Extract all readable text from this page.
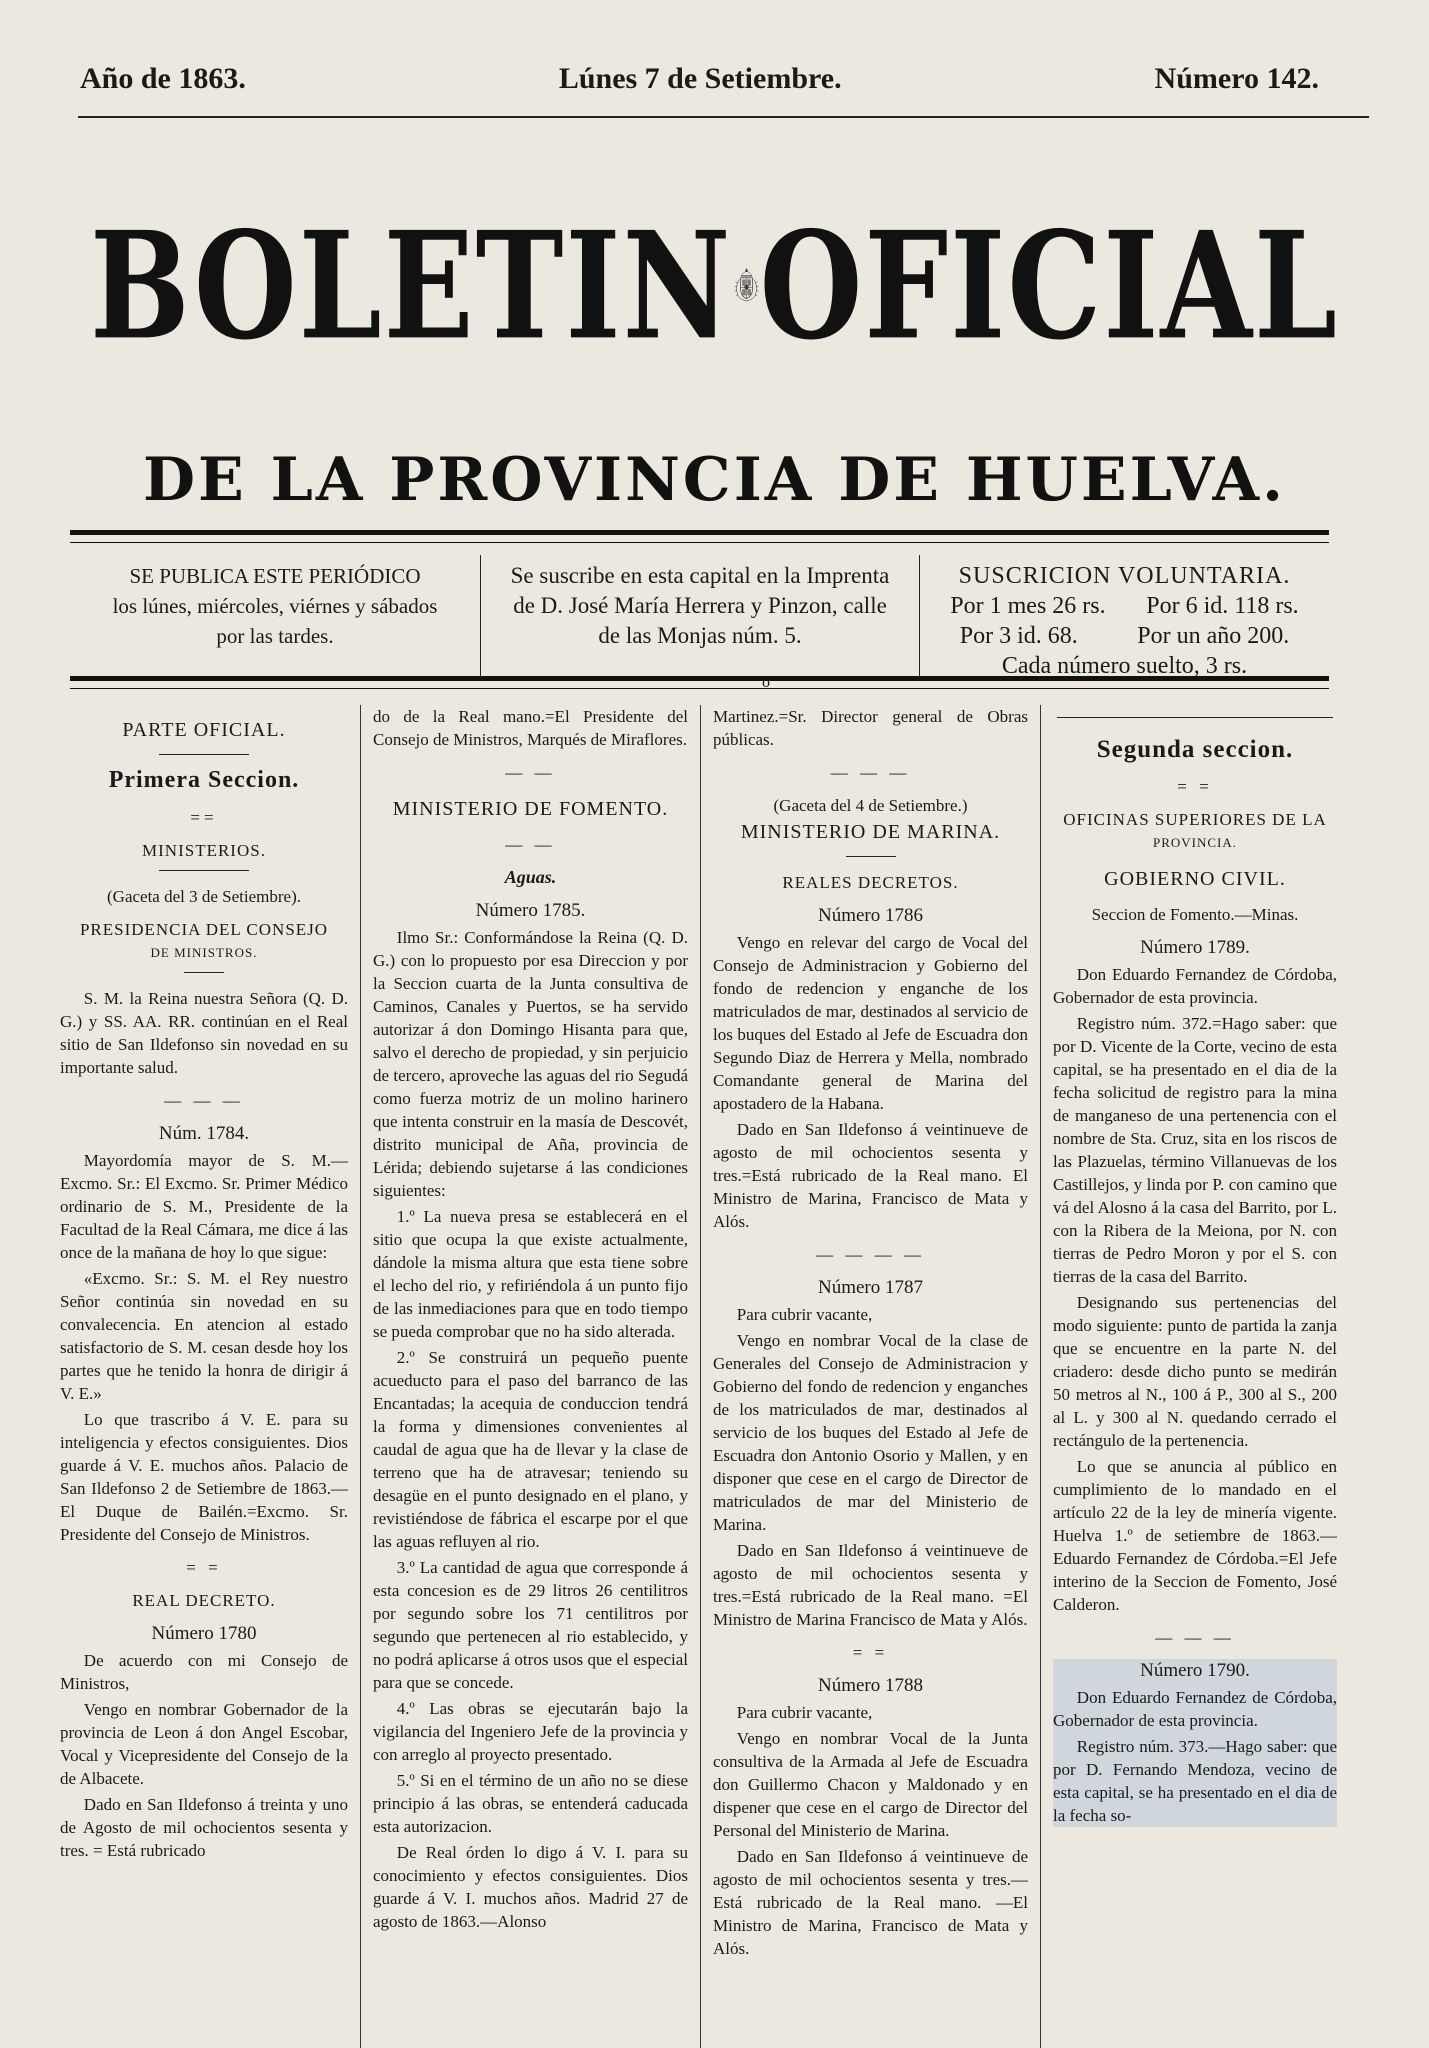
Año de 1863.	Lúnes 7 de Setiembre.	Número 142.
BOLETIN OFICIAL
DE LA PROVINCIA DE HUELVA.
SE PUBLICA ESTE PERIÓDICO
los lúnes, miércoles, viérnes y sábados
por las tardes.
Se suscribe en esta capital en la Imprenta
de D. José María Herrera y Pinzon, calle
de las Monjas núm. 5.
SUSCRICION VOLUNTARIA.
Por 1 mes 26 rs. Por 6 id. 118 rs.
Por 3 id. 68. Por un año 200.
Cada número suelto, 3 rs.
o
PARTE OFICIAL.
Primera Seccion.
==
MINISTERIOS.

(Gaceta del 3 de Setiembre).

PRESIDENCIA DEL CONSEJO
DE MINISTROS.

S. M. la Reina nuestra Señora (Q. D. G.) y SS. AA. RR. continúan en el Real sitio de San Ildefonso sin novedad en su importante salud.

— — —
Núm. 1784.

Mayordomía mayor de S. M.— Excmo. Sr.: El Excmo. Sr. Primer Médico ordinario de S. M., Presidente de la Facultad de la Real Cámara, me dice á las once de la mañana de hoy lo que sigue:

«Excmo. Sr.: S. M. el Rey nuestro Señor continúa sin novedad en su convalecencia. En atencion al estado satisfactorio de S. M. cesan desde hoy los partes que he tenido la honra de dirigir á V. E.»

Lo que trascribo á V. E. para su inteligencia y efectos consiguientes. Dios guarde á V. E. muchos años. Palacio de San Ildefonso 2 de Setiembre de 1863.—El Duque de Bailén.=Excmo. Sr. Presidente del Consejo de Ministros.

= =
REAL DECRETO.
Número 1780

De acuerdo con mi Consejo de Ministros,

Vengo en nombrar Gobernador de la provincia de Leon á don Angel Escobar, Vocal y Vicepresidente del Consejo de la de Albacete.

Dado en San Ildefonso á treinta y uno de Agosto de mil ochocientos sesenta y tres. = Está rubricado

do de la Real mano.=El Presidente del Consejo de Ministros, Marqués de Miraflores.

— —
MINISTERIO DE FOMENTO.
— —
Aguas.
Número 1785.

Ilmo Sr.: Conformándose la Reina (Q. D. G.) con lo propuesto por esa Direccion y por la Seccion cuarta de la Junta consultiva de Caminos, Canales y Puertos, se ha servido autorizar á don Domingo Hisanta para que, salvo el derecho de propiedad, y sin perjuicio de tercero, aproveche las aguas del rio Segudá como fuerza motriz de un molino harinero que intenta construir en la masía de Descovét, distrito municipal de Aña, provincia de Lérida; debiendo sujetarse á las condiciones siguientes:

1.º La nueva presa se establecerá en el sitio que ocupa la que existe actualmente, dándole la misma altura que esta tiene sobre el lecho del rio, y refiriéndola á un punto fijo de las inmediaciones para que en todo tiempo se pueda comprobar que no ha sido alterada.

2.º Se construirá un pequeño puente acueducto para el paso del barranco de las Encantadas; la acequia de conduccion tendrá la forma y dimensiones convenientes al caudal de agua que ha de llevar y la clase de terreno que ha de atravesar; teniendo su desagüe en el punto designado en el plano, y revistiéndose de fábrica el escarpe por el que las aguas refluyen al rio.

3.º La cantidad de agua que corresponde á esta concesion es de 29 litros 26 centilitros por segundo sobre los 71 centilitros por segundo que pertenecen al rio establecido, y no podrá aplicarse á otros usos que el especial para que se concede.

4.º Las obras se ejecutarán bajo la vigilancia del Ingeniero Jefe de la provincia y con arreglo al proyecto presentado.

5.º Si en el término de un año no se diese principio á las obras, se entenderá caducada esta autorizacion.

De Real órden lo digo á V. I. para su conocimiento y efectos consiguientes. Dios guarde á V. I. muchos años. Madrid 27 de agosto de 1863.—Alonso

Martinez.=Sr. Director general de Obras públicas.

— — —

(Gaceta del 4 de Setiembre.)

MINISTERIO DE MARINA.
REALES DECRETOS.
Número 1786

Vengo en relevar del cargo de Vocal del Consejo de Administracion y Gobierno del fondo de redencion y enganche de los matriculados de mar, destinados al servicio de los buques del Estado al Jefe de Escuadra don Segundo Diaz de Herrera y Mella, nombrado Comandante general de Marina del apostadero de la Habana.

Dado en San Ildefonso á veintinueve de agosto de mil ochocientos sesenta y tres.=Está rubricado de la Real mano. El Ministro de Marina, Francisco de Mata y Alós.

— — — —
Número 1787

Para cubrir vacante,

Vengo en nombrar Vocal de la clase de Generales del Consejo de Administracion y Gobierno del fondo de redencion y enganches de los matriculados de mar, destinados al servicio de los buques del Estado al Jefe de Escuadra don Antonio Osorio y Mallen, y en disponer que cese en el cargo de Director de matriculados de mar del Ministerio de Marina.

Dado en San Ildefonso á veintinueve de agosto de mil ochocientos sesenta y tres.=Está rubricado de la Real mano. =El Ministro de Marina Francisco de Mata y Alós.

= =
Número 1788

Para cubrir vacante,

Vengo en nombrar Vocal de la Junta consultiva de la Armada al Jefe de Escuadra don Guillermo Chacon y Maldonado y en dispener que cese en el cargo de Director del Personal del Ministerio de Marina.

Dado en San Ildefonso á veintinueve de agosto de mil ochocientos sesenta y tres.—Está rubricado de la Real mano. —El Ministro de Marina, Francisco de Mata y Alós.

Segunda seccion.
= =
OFICINAS SUPERIORES DE LA
PROVINCIA.
GOBIERNO CIVIL.

Seccion de Fomento.—Minas.

Número 1789.

Don Eduardo Fernandez de Córdoba, Gobernador de esta provincia.

Registro núm. 372.=Hago saber: que por D. Vicente de la Corte, vecino de esta capital, se ha presentado en el dia de la fecha solicitud de registro para la mina de manganeso de una pertenencia con el nombre de Sta. Cruz, sita en los riscos de las Plazuelas, término Villanuevas de los Castillejos, y linda por P. con camino que vá del Alosno á la casa del Barrito, por L. con la Ribera de la Meiona, por N. con tierras de Pedro Moron y por el S. con tierras de la casa del Barrito.

Designando sus pertenencias del modo siguiente: punto de partida la zanja que se encuentre en la parte N. del criadero: desde dicho punto se medirán 50 metros al N., 100 á P., 300 al S., 200 al L. y 300 al N. quedando cerrado el rectángulo de la pertenencia.

Lo que se anuncia al público en cumplimiento de lo mandado en el artículo 22 de la ley de minería vigente. Huelva 1.º de setiembre de 1863.—Eduardo Fernandez de Córdoba.=El Jefe interino de la Seccion de Fomento, José Calderon.

— — —
Número 1790.

Don Eduardo Fernandez de Córdoba, Gobernador de esta provincia.

Registro núm. 373.—Hago saber: que por D. Fernando Mendoza, vecino de esta capital, se ha presentado en el dia de la fecha so-
